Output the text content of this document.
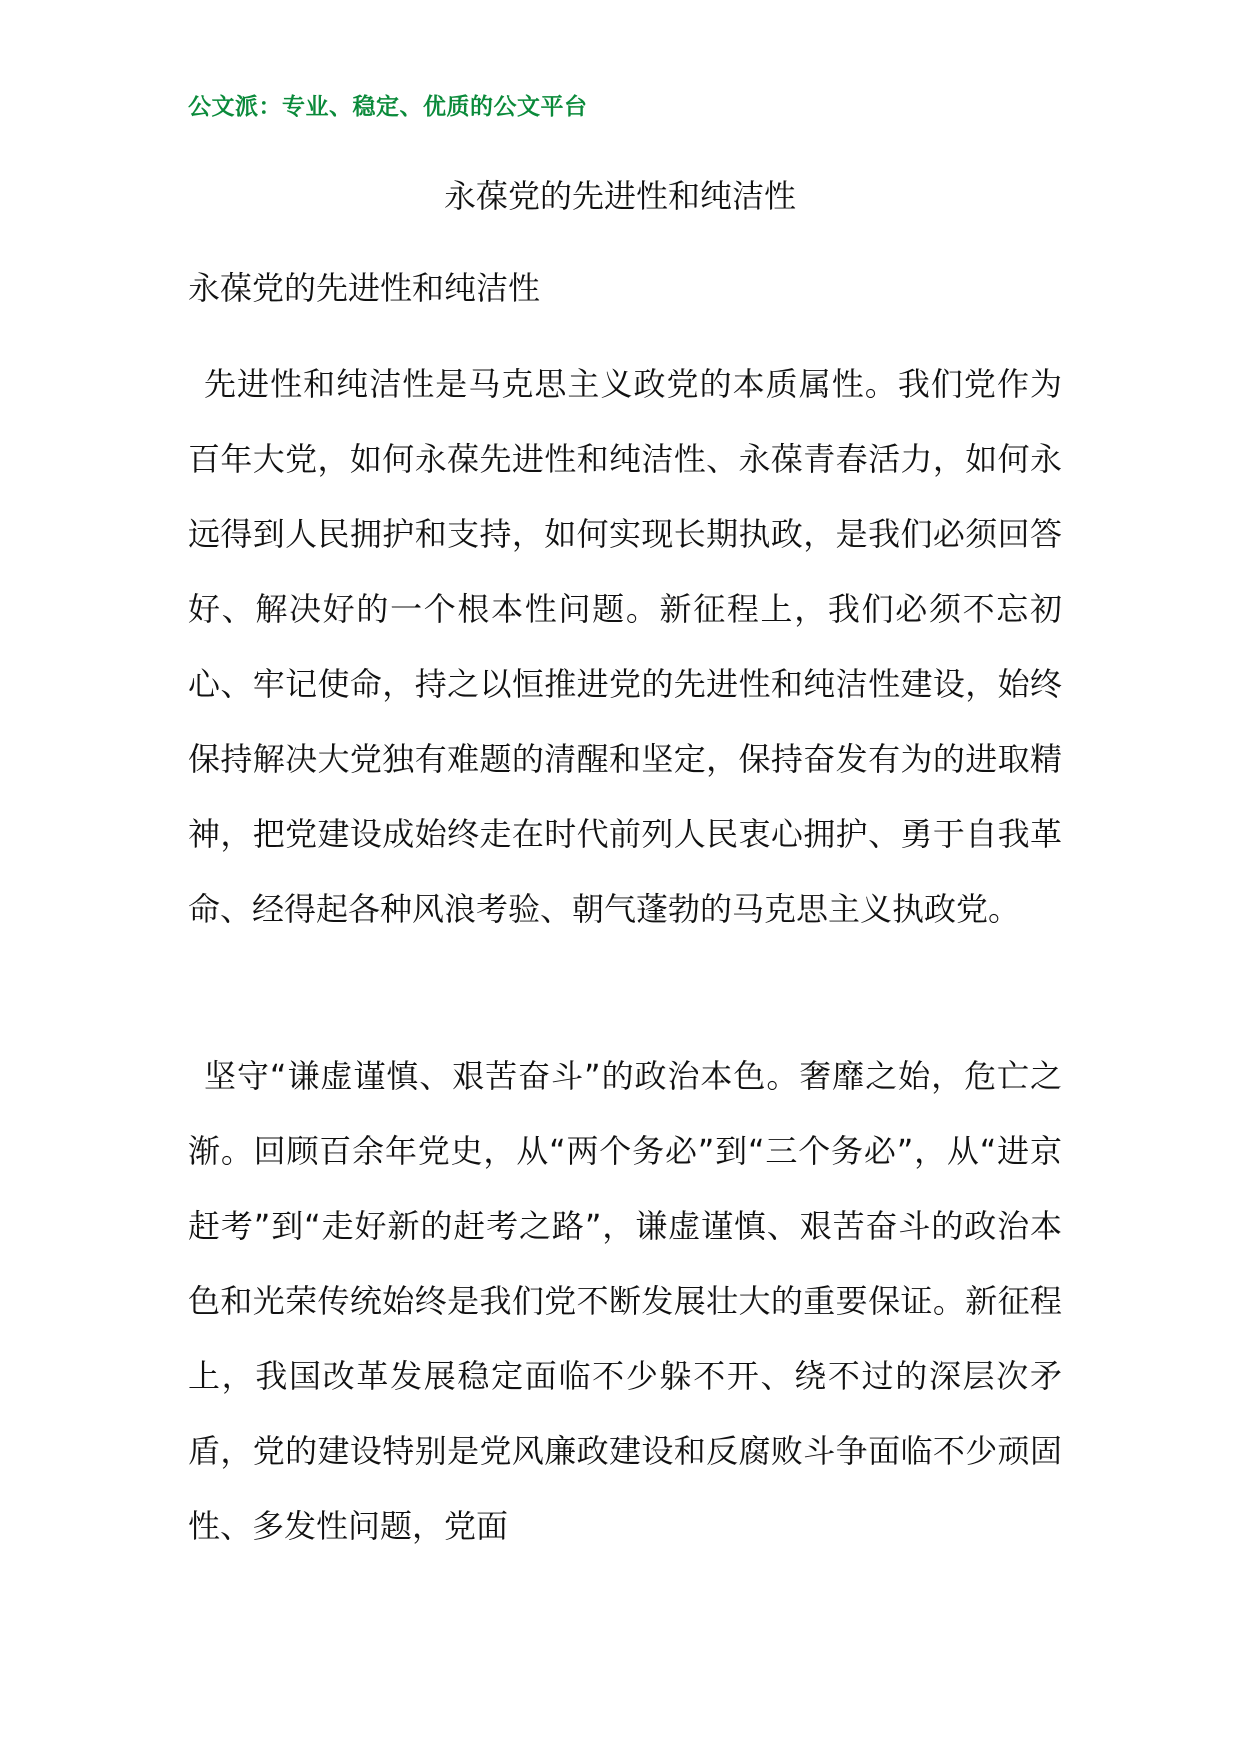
公文派：专业、稳定、优质的公文平台
永葆党的先进性和纯洁性
永葆党的先进性和纯洁性

先进性和纯洁性是马克思主义政党的本质属性。我们党作为百年大党，如何永葆先进性和纯洁性、永葆青春活力，如何永远得到人民拥护和支持，如何实现长期执政，是我们必须回答好、解决好的一个根本性问题。新征程上，我们必须不忘初心、牢记使命，持之以恒推进党的先进性和纯洁性建设，始终保持解决大党独有难题的清醒和坚定，保持奋发有为的进取精神，把党建设成始终走在时代前列人民衷心拥护、勇于自我革命、经得起各种风浪考验、朝气蓬勃的马克思主义执政党。

坚守“谦虚谨慎、艰苦奋斗”的政治本色。奢靡之始，危亡之渐。回顾百余年党史，从“两个务必”到“三个务必”，从“进京赶考”到“走好新的赶考之路”，谦虚谨慎、艰苦奋斗的政治本色和光荣传统始终是我们党不断发展壮大的重要保证。新征程上，我国改革发展稳定面临不少躲不开、绕不过的深层次矛盾，党的建设特别是党风廉政建设和反腐败斗争面临不少顽固性、多发性问题，党面
